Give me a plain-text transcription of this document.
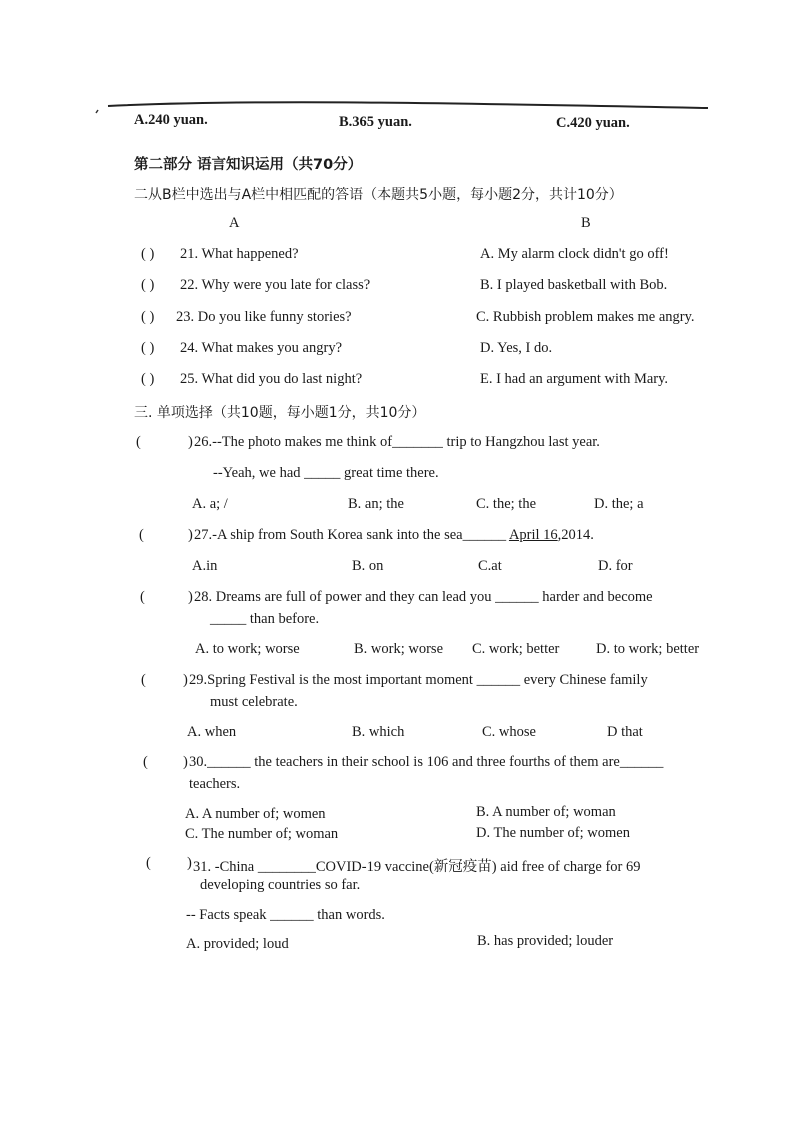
A.240 yuan.	B.365 yuan.	C.420 yuan.
第二部分 语言知识运用（共70分）
二从B栏中选出与A栏中相匹配的答语（本题共5小题，每小题2分，共计10分）
A	B
( ) 21. What happened?	A. My alarm clock didn't go off!
( ) 22. Why were you late for class?	B. I played basketball with Bob.
( ) 23. Do you like funny stories?	C. Rubbish problem makes me angry.
( ) 24. What makes you angry?	D. Yes, I do.
( ) 25. What did you do last night?	E. I had an argument with Mary.
三. 单项选择（共10题，每小题1分，共10分）
(	) 26.--The photo makes me think of_______ trip to Hangzhou last year.
--Yeah, we had _____ great time there.
A. a; /	B. an; the	C. the; the	D. the; a
(	) 27.-A ship from South Korea sank into the sea______ April 16,2014.
A.in	B. on	C.at	D. for
(	) 28. Dreams are full of power and they can lead you ______ harder and become
_____ than before.
A. to work; worse	B. work; worse C. work; better	D. to work; better
(	) 29.Spring Festival is the most important moment ______ every Chinese family
must celebrate.
A. when	B. which	C. whose	D that
( ) 30.______ the teachers in their school is 106 and three fourths of them are______
teachers.
A. A number of; women	B. A number of; woman
C. The number of; woman	D. The number of; women
( ) 31. -China ________COVID-19 vaccine(新冠疫苗) aid free of charge for 69
developing countries so far.
-- Facts speak ______ than words.
A. provided; loud	B. has provided; louder
